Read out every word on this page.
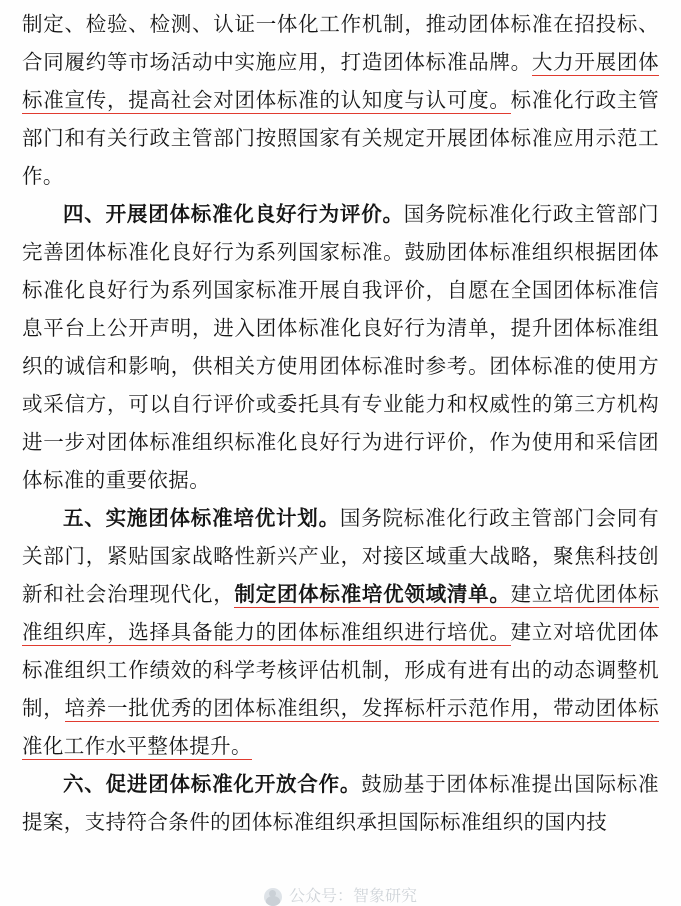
制定、检验、检测、认证一体化工作机制，推动团体标准在招投标、合同履约等市场活动中实施应用，打造团体标准品牌。大力开展团体标准宣传，提高社会对团体标准的认知度与认可度。标准化行政主管部门和有关行政主管部门按照国家有关规定开展团体标准应用示范工作。

四、开展团体标准化良好行为评价。国务院标准化行政主管部门完善团体标准化良好行为系列国家标准。鼓励团体标准组织根据团体标准化良好行为系列国家标准开展自我评价，自愿在全国团体标准信息平台上公开声明，进入团体标准化良好行为清单，提升团体标准组织的诚信和影响，供相关方使用团体标准时参考。团体标准的使用方或采信方，可以自行评价或委托具有专业能力和权威性的第三方机构进一步对团体标准组织标准化良好行为进行评价，作为使用和采信团体标准的重要依据。

五、实施团体标准培优计划。国务院标准化行政主管部门会同有关部门，紧贴国家战略性新兴产业，对接区域重大战略，聚焦科技创新和社会治理现代化，制定团体标准培优领域清单。建立培优团体标准组织库，选择具备能力的团体标准组织进行培优。建立对培优团体标准组织工作绩效的科学考核评估机制，形成有进有出的动态调整机制，培养一批优秀的团体标准组织，发挥标杆示范作用，带动团体标准化工作水平整体提升。

六、促进团体标准化开放合作。鼓励基于团体标准提出国际标准提案，支持符合条件的团体标准组织承担国际标准组织的国内技

公众号：智象研究
